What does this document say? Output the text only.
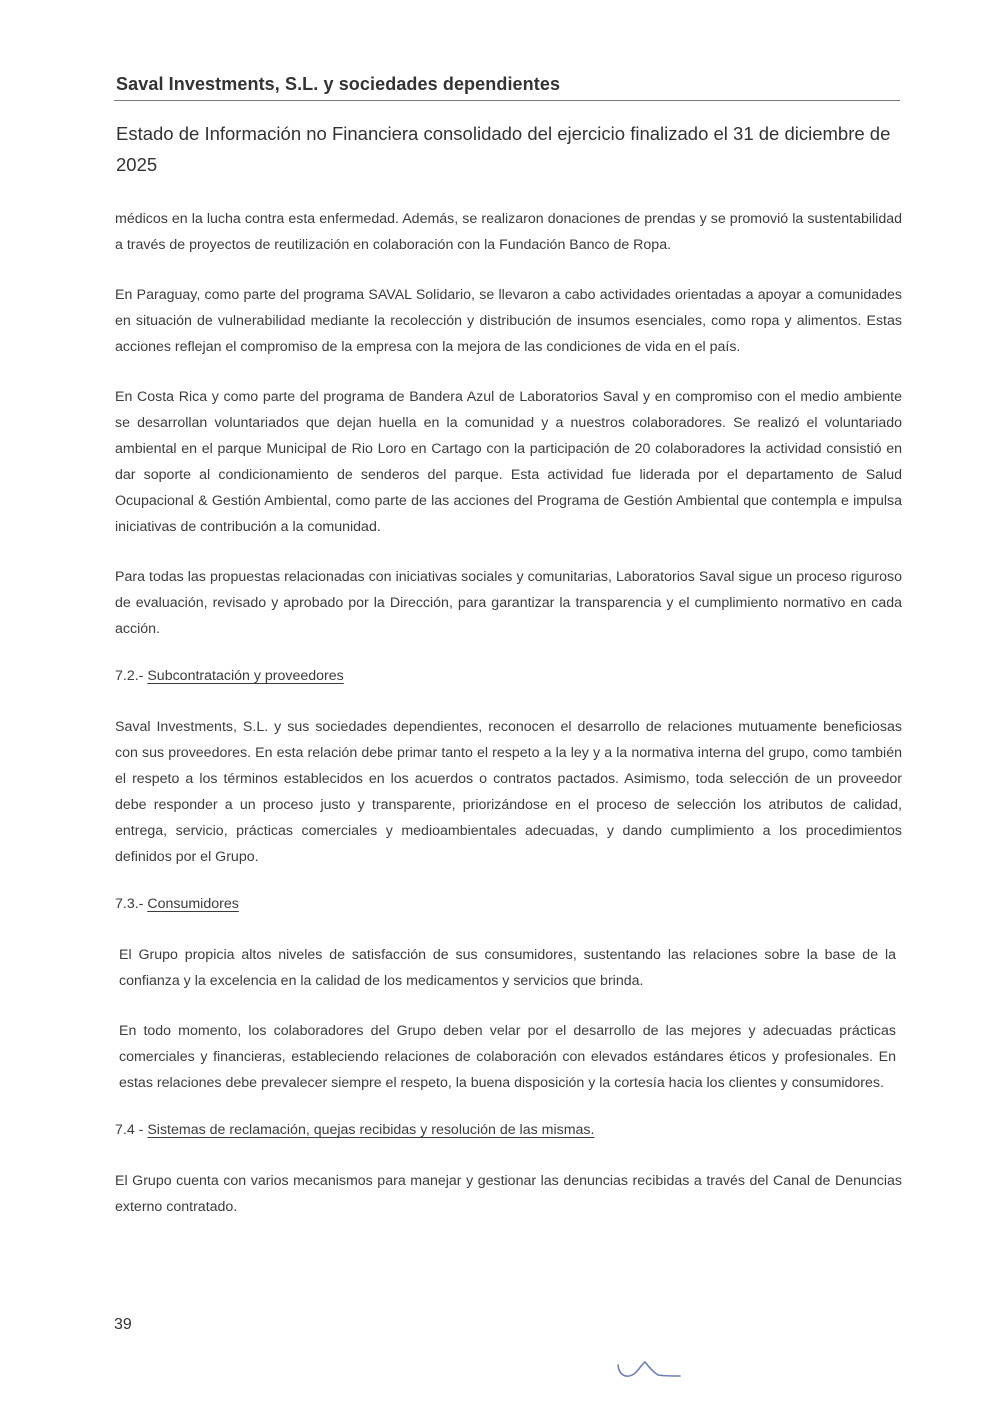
Saval Investments, S.L. y sociedades dependientes
Estado de Información no Financiera consolidado del ejercicio finalizado el 31 de diciembre de 2025

médicos en la lucha contra esta enfermedad. Además, se realizaron donaciones de prendas y se promovió la sustentabilidad a través de proyectos de reutilización en colaboración con la Fundación Banco de Ropa.

En Paraguay, como parte del programa SAVAL Solidario, se llevaron a cabo actividades orientadas a apoyar a comunidades en situación de vulnerabilidad mediante la recolección y distribución de insumos esenciales, como ropa y alimentos. Estas acciones reflejan el compromiso de la empresa con la mejora de las condiciones de vida en el país.

En Costa Rica y como parte del programa de Bandera Azul de Laboratorios Saval y en compromiso con el medio ambiente se desarrollan voluntariados que dejan huella en la comunidad y a nuestros colaboradores. Se realizó el voluntariado ambiental en el parque Municipal de Rio Loro en Cartago con la participación de 20 colaboradores la actividad consistió en dar soporte al condicionamiento de senderos del parque. Esta actividad fue liderada por el departamento de Salud Ocupacional & Gestión Ambiental, como parte de las acciones del Programa de Gestión Ambiental que contempla e impulsa iniciativas de contribución a la comunidad.

Para todas las propuestas relacionadas con iniciativas sociales y comunitarias, Laboratorios Saval sigue un proceso riguroso de evaluación, revisado y aprobado por la Dirección, para garantizar la transparencia y el cumplimiento normativo en cada acción.

7.2.- Subcontratación y proveedores

Saval Investments, S.L. y sus sociedades dependientes, reconocen el desarrollo de relaciones mutuamente beneficiosas con sus proveedores. En esta relación debe primar tanto el respeto a la ley y a la normativa interna del grupo, como también el respeto a los términos establecidos en los acuerdos o contratos pactados. Asimismo, toda selección de un proveedor debe responder a un proceso justo y transparente, priorizándose en el proceso de selección los atributos de calidad, entrega, servicio, prácticas comerciales y medioambientales adecuadas, y dando cumplimiento a los procedimientos definidos por el Grupo.

7.3.- Consumidores

El Grupo propicia altos niveles de satisfacción de sus consumidores, sustentando las relaciones sobre la base de la confianza y la excelencia en la calidad de los medicamentos y servicios que brinda.

En todo momento, los colaboradores del Grupo deben velar por el desarrollo de las mejores y adecuadas prácticas comerciales y financieras, estableciendo relaciones de colaboración con elevados estándares éticos y profesionales. En estas relaciones debe prevalecer siempre el respeto, la buena disposición y la cortesía hacia los clientes y consumidores.

7.4 - Sistemas de reclamación, quejas recibidas y resolución de las mismas.

El Grupo cuenta con varios mecanismos para manejar y gestionar las denuncias recibidas a través del Canal de Denuncias externo contratado.

39
